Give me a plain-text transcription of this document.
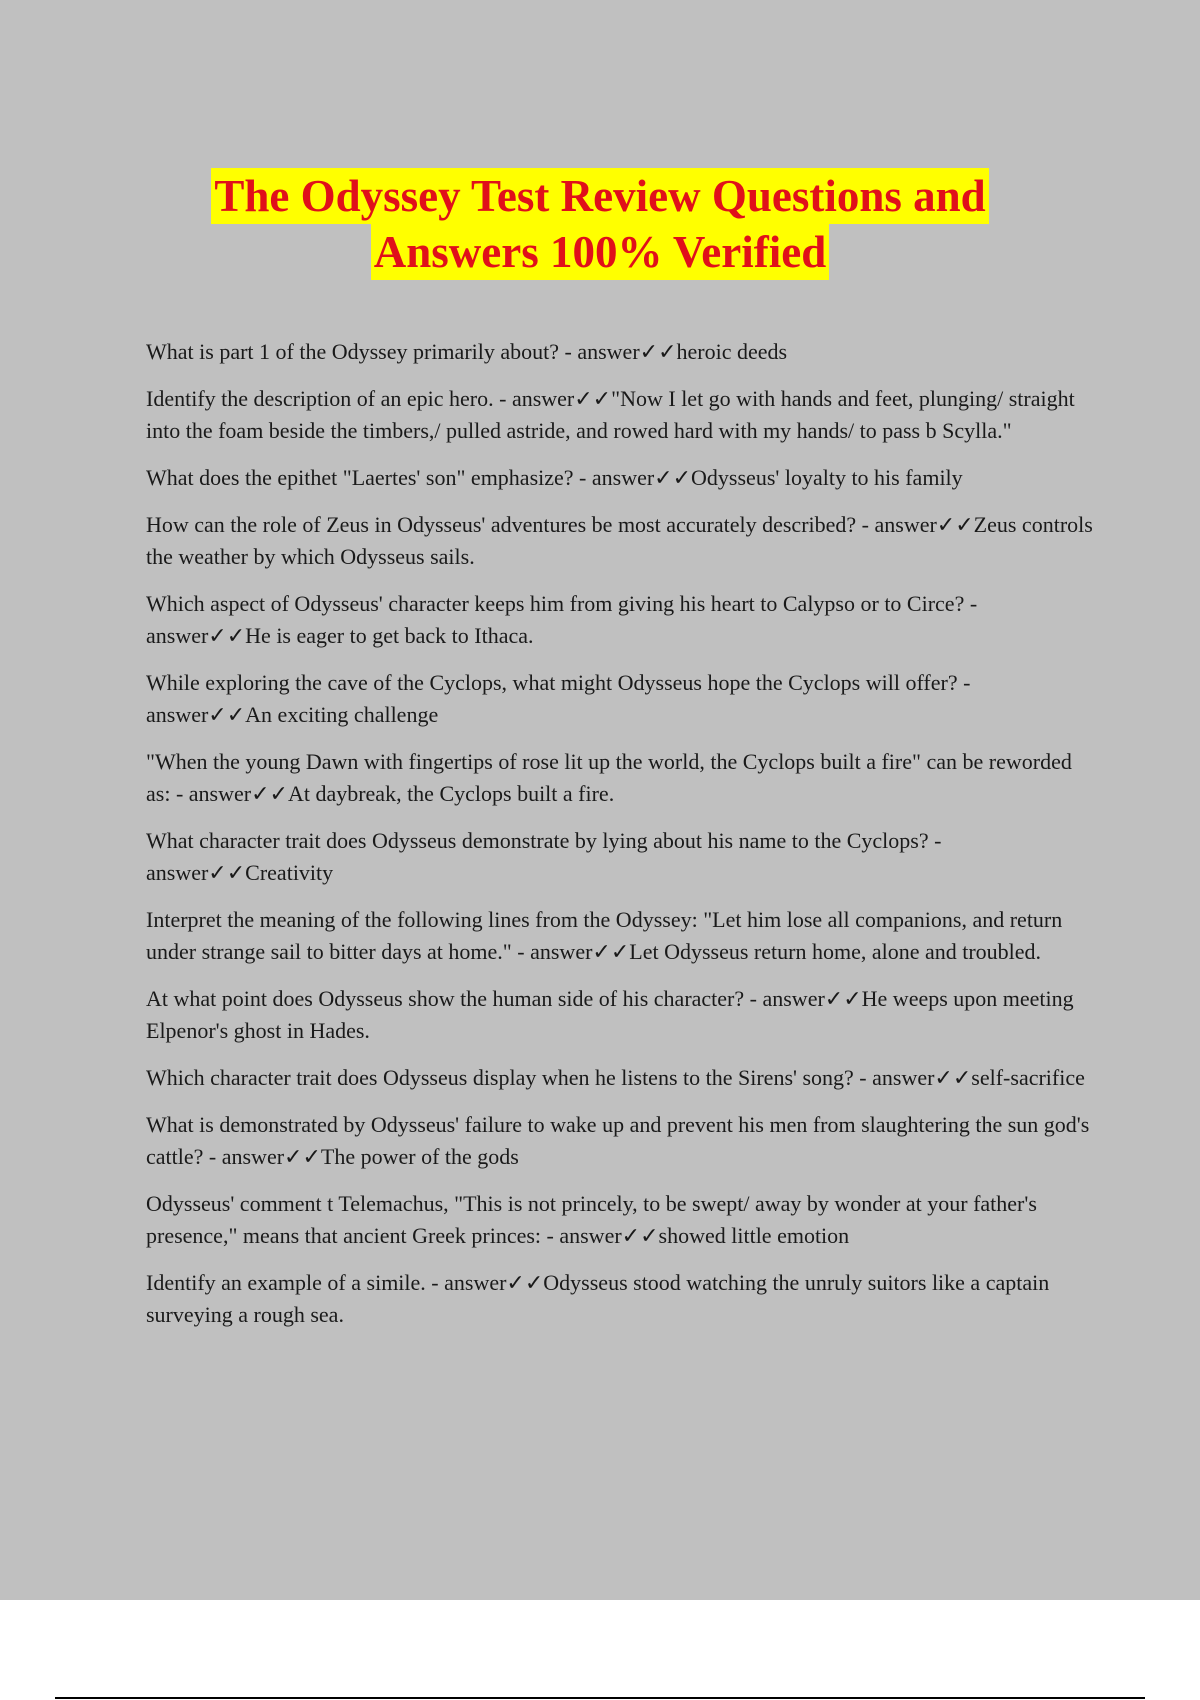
The Odyssey Test Review Questions and
Answers 100% Verified
What is part 1 of the Odyssey primarily about? - answer✓✓heroic deeds
Identify the description of an epic hero. - answer✓✓"Now I let go with hands and feet, plunging/ straight into the foam beside the timbers,/ pulled astride, and rowed hard with my hands/ to pass b Scylla."
What does the epithet "Laertes' son" emphasize? - answer✓✓Odysseus' loyalty to his family
How can the role of Zeus in Odysseus' adventures be most accurately described? - answer✓✓Zeus controls the weather by which Odysseus sails.
Which aspect of Odysseus' character keeps him from giving his heart to Calypso or to Circe? - answer✓✓He is eager to get back to Ithaca.
While exploring the cave of the Cyclops, what might Odysseus hope the Cyclops will offer? - answer✓✓An exciting challenge
"When the young Dawn with fingertips of rose lit up the world, the Cyclops built a fire" can be reworded as: - answer✓✓At daybreak, the Cyclops built a fire.
What character trait does Odysseus demonstrate by lying about his name to the Cyclops? - answer✓✓Creativity
Interpret the meaning of the following lines from the Odyssey: "Let him lose all companions, and return under strange sail to bitter days at home." - answer✓✓Let Odysseus return home, alone and troubled.
At what point does Odysseus show the human side of his character? - answer✓✓He weeps upon meeting Elpenor's ghost in Hades.
Which character trait does Odysseus display when he listens to the Sirens' song? - answer✓✓self-sacrifice
What is demonstrated by Odysseus' failure to wake up and prevent his men from slaughtering the sun god's cattle? - answer✓✓The power of the gods
Odysseus' comment t Telemachus, "This is not princely, to be swept/ away by wonder at your father's presence," means that ancient Greek princes: - answer✓✓showed little emotion
Identify an example of a simile. - answer✓✓Odysseus stood watching the unruly suitors like a captain surveying a rough sea.
